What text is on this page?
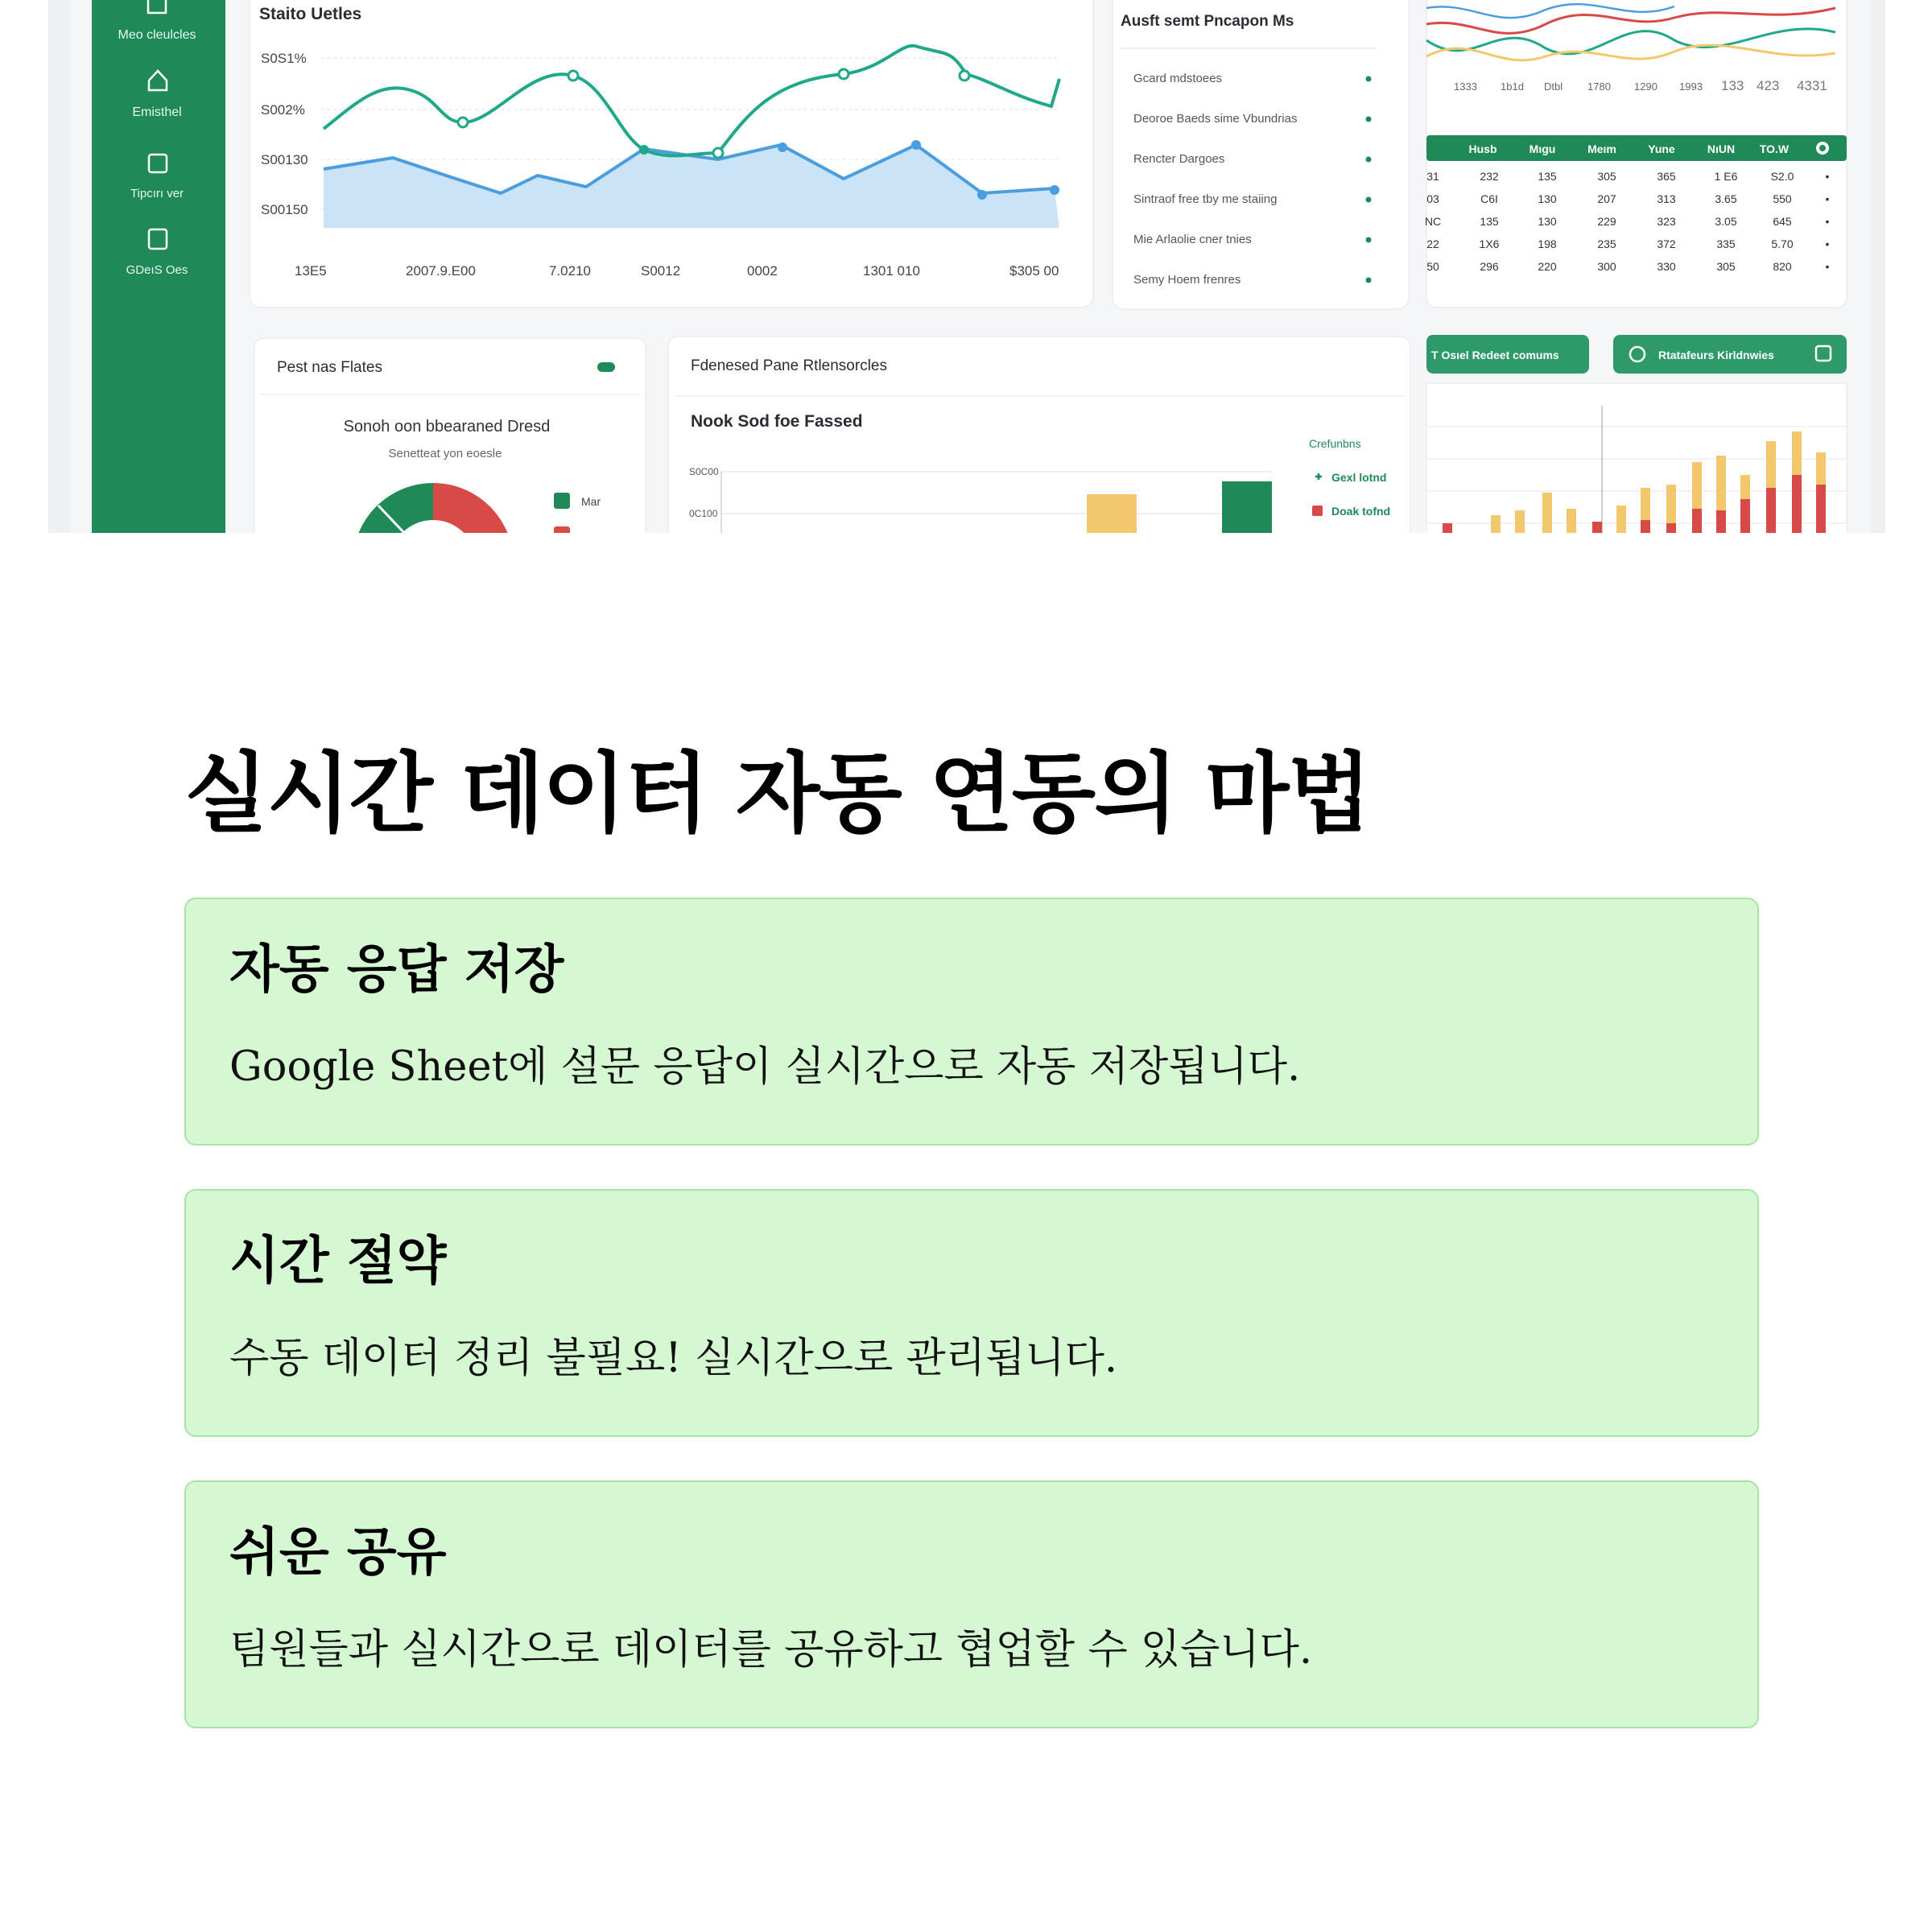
Meo cleulcles
Emisthel
Tipcırı ver
GDeıS Oes
Staito Uetles
S0S1%
S002%
S00130
S00150
13E5	2007.9.E00	7.0210	S0012	0002	1301 010	$305 00
Ausft semt Pncapon Ms
Gcard mdstoees
Deoroe Baeds sime Vbundrias
Rencter Dargoes
Sintraof free tby me staiing
Mie Arlaolie cner tnies
Semy Hoem frenres
1333 1b1d Dtbl 1780 1290 1993 133 423 4331
Husb	Mıgu	Meım	Yune	NıUN TO.W
31	232	135	305	365	1 E6	S2.0	•
03	C6I	130	207	313	3.65	550	•
NC	135	130	229	323	3.05	645	•
22	1X6	198	235	372	335	5.70	•
50	296	220	300	330	305	820	•
T Osıel Redeet comums	Rtatafeurs Kirldnwies
Pest nas Flates
Sonoh oon bbearaned Dresd
Senetteat yon eoesle
Mar
Fdenesed Pane Rtlensorcles
Nook Sod foe Fassed
S0C00
0C100
Crefunbns
Gexl lotnd
Doak tofnd
실시간 데이터 자동 연동의 마법
자동 응답 저장

Google Sheet에 설문 응답이 실시간으로 자동 저장됩니다.

시간 절약

수동 데이터 정리 불필요! 실시간으로 관리됩니다.

쉬운 공유

팀원들과 실시간으로 데이터를 공유하고 협업할 수 있습니다.
